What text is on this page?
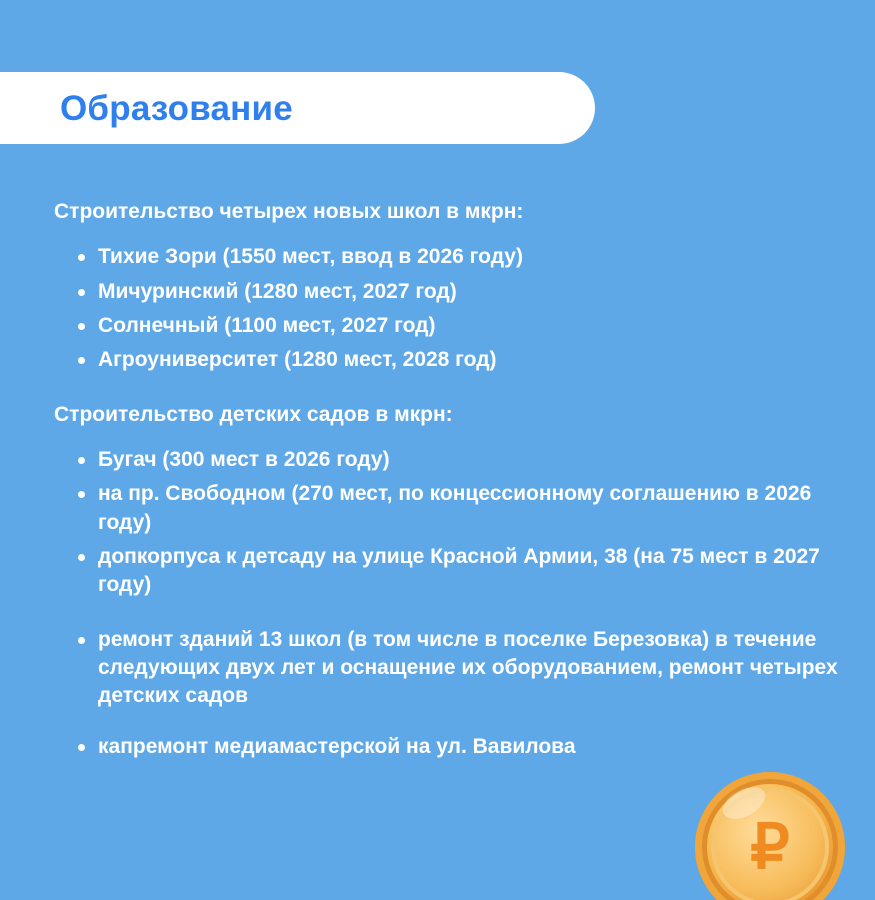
Образование

Строительство четырех новых школ в мкрн:

Тихие Зори (1550 мест, ввод в 2026 году)
Мичуринский (1280 мест, 2027 год)
Солнечный (1100 мест, 2027 год)
Агроуниверситет (1280 мест, 2028 год)

Строительство детских садов в мкрн:

Бугач (300 мест в 2026 году)
на пр. Свободном (270 мест, по концессионному соглашению в 2026 году)
допкорпуса к детсаду на улице Красной Армии, 38 (на 75 мест в 2027 году)
ремонт зданий 13 школ (в том числе в поселке Березовка) в течение следующих двух лет и оснащение их оборудованием, ремонт четырех детских садов
капремонт медиамастерской на ул. Вавилова
₽
